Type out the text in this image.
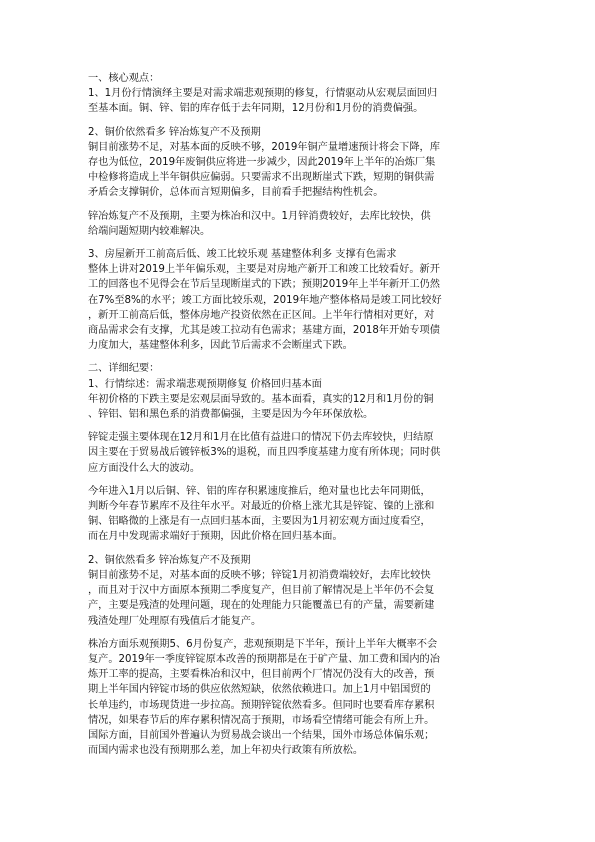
一、核心观点：
1、1月份行情演绎主要是对需求端悲观预期的修复，行情驱动从宏观层面回归
至基本面。铜、锌、铝的库存低于去年同期，12月份和1月份的消费偏强。
2、铜价依然看多 锌冶炼复产不及预期
铜目前涨势不足，对基本面的反映不够，2019年铜产量增速预计将会下降，库
存也为低位，2019年废铜供应将进一步减少，因此2019年上半年的冶炼厂集
中检修将造成上半年铜供应偏弱。只要需求不出现断崖式下跌，短期的铜供需
矛盾会支撑铜价，总体而言短期偏多，目前看手把握结构性机会。
锌冶炼复产不及预期，主要为株冶和汉中。1月锌消费较好，去库比较快，供
给端问题短期内较难解决。
3、房屋新开工前高后低、竣工比较乐观 基建整体利多 支撑有色需求
整体上讲对2019上半年偏乐观，主要是对房地产新开工和竣工比较看好。新开
工的回落也不见得会在节后呈现断崖式的下跌；预期2019年上半年新开工仍然
在7%至8%的水平；竣工方面比较乐观，2019年地产整体格局是竣工同比较好
，新开工前高后低，整体房地产投资依然在正区间。上半年行情相对更好，对
商品需求会有支撑，尤其是竣工拉动有色需求；基建方面，2018年开始专项债
力度加大，基建整体利多，因此节后需求不会断崖式下跌。
二、详细纪要：
1、行情综述：需求端悲观预期修复 价格回归基本面
年初价格的下跌主要是宏观层面导致的。基本面看，真实的12月和1月份的铜
、锌铝、铝和黑色系的消费都偏强，主要是因为今年环保放松。
锌锭走强主要体现在12月和1月在比值有益进口的情况下仍去库较快，归结原
因主要在于贸易战后镀锌板3%的退税，而且四季度基建力度有所体现；同时供
应方面没什么大的波动。
今年进入1月以后铜、锌、铝的库存积累速度推后，绝对量也比去年同期低，
判断今年春节累库不及往年水平。对最近的价格上涨尤其是锌锭、镍的上涨和
铜、铝略微的上涨是有一点回归基本面，主要因为1月初宏观方面过度看空，
而在月中发现需求端好于预期，因此价格在回归基本面。
2、铜依然看多 锌冶炼复产不及预期
铜目前涨势不足，对基本面的反映不够；锌锭1月初消费端较好，去库比较快
，而且对于汉中方面原本预期二季度复产，但目前了解情况是上半年仍不会复
产，主要是残渣的处理问题，现在的处理能力只能覆盖已有的产量，需要新建
残渣处理厂处理原有残值后才能复产。
株冶方面乐观预期5、6月份复产，悲观预期是下半年，预计上半年大概率不会
复产。2019年一季度锌锭原本改善的预期都是在于矿产量、加工费和国内的冶
炼开工率的提高，主要看株冶和汉中，但目前两个厂情况仍没有大的改善，预
期上半年国内锌锭市场的供应依然短缺，依然依赖进口。加上1月中铝国贸的
长单违约，市场现货进一步拉高。预期锌锭依然看多。但同时也要看库存累积
情况，如果春节后的库存累积情况高于预期，市场看空情绪可能会有所上升。
国际方面，目前国外普遍认为贸易战会谈出一个结果，国外市场总体偏乐观；
而国内需求也没有预期那么差，加上年初央行政策有所放松。
